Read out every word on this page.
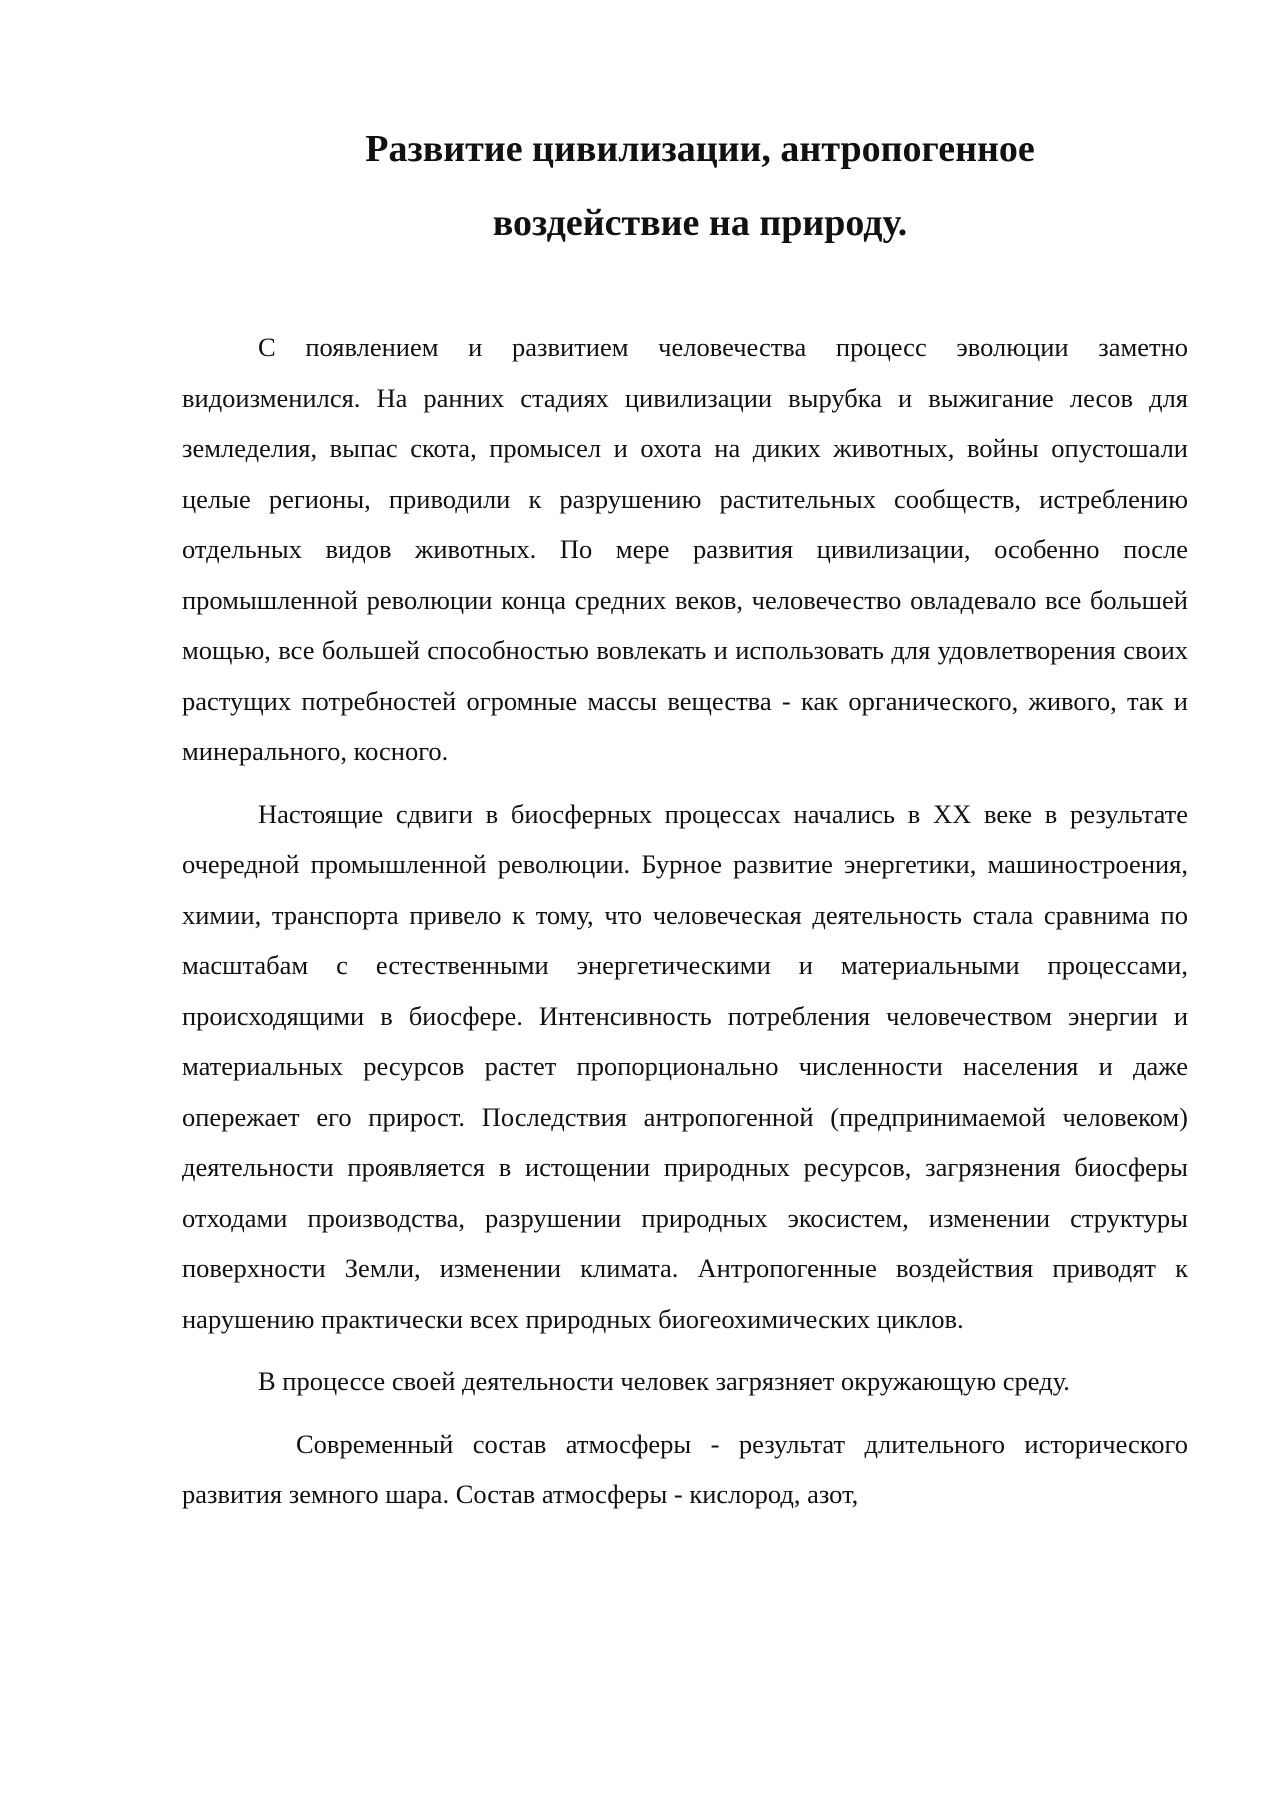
Развитие цивилизации, антропогенное воздействие на природу.

С появлением и развитием человечества процесс эволюции заметно видоизменился. На ранних стадиях цивилизации вырубка и выжигание лесов для земледелия, выпас скота, промысел и охота на диких животных, войны опустошали целые регионы, приводили к разрушению растительных сообществ, истреблению отдельных видов животных. По мере развития цивилизации, особенно после промышленной революции конца средних веков, человечество овладевало все большей мощью, все большей способностью вовлекать и использовать для удовлетворения своих растущих потребностей огромные массы вещества - как органического, живого, так и минерального, косного.

Настоящие сдвиги в биосферных процессах начались в XX веке в результате очередной промышленной революции. Бурное развитие энергетики, машиностроения, химии, транспорта привело к тому, что человеческая деятельность стала сравнима по масштабам с естественными энергетическими и материальными процессами, происходящими в биосфере. Интенсивность потребления человечеством энергии и материальных ресурсов растет пропорционально численности населения и даже опережает его прирост. Последствия антропогенной (предпринимаемой человеком) деятельности проявляется в истощении природных ресурсов, загрязнения биосферы отходами производства, разрушении природных экосистем, изменении структуры поверхности Земли, изменении климата. Антропогенные воздействия приводят к нарушению практически всех природных биогеохимических циклов.

В процессе своей деятельности человек загрязняет окружающую среду.

Современный состав атмосферы - результат длительного исторического развития земного шара. Состав атмосферы - кислород, азот,
